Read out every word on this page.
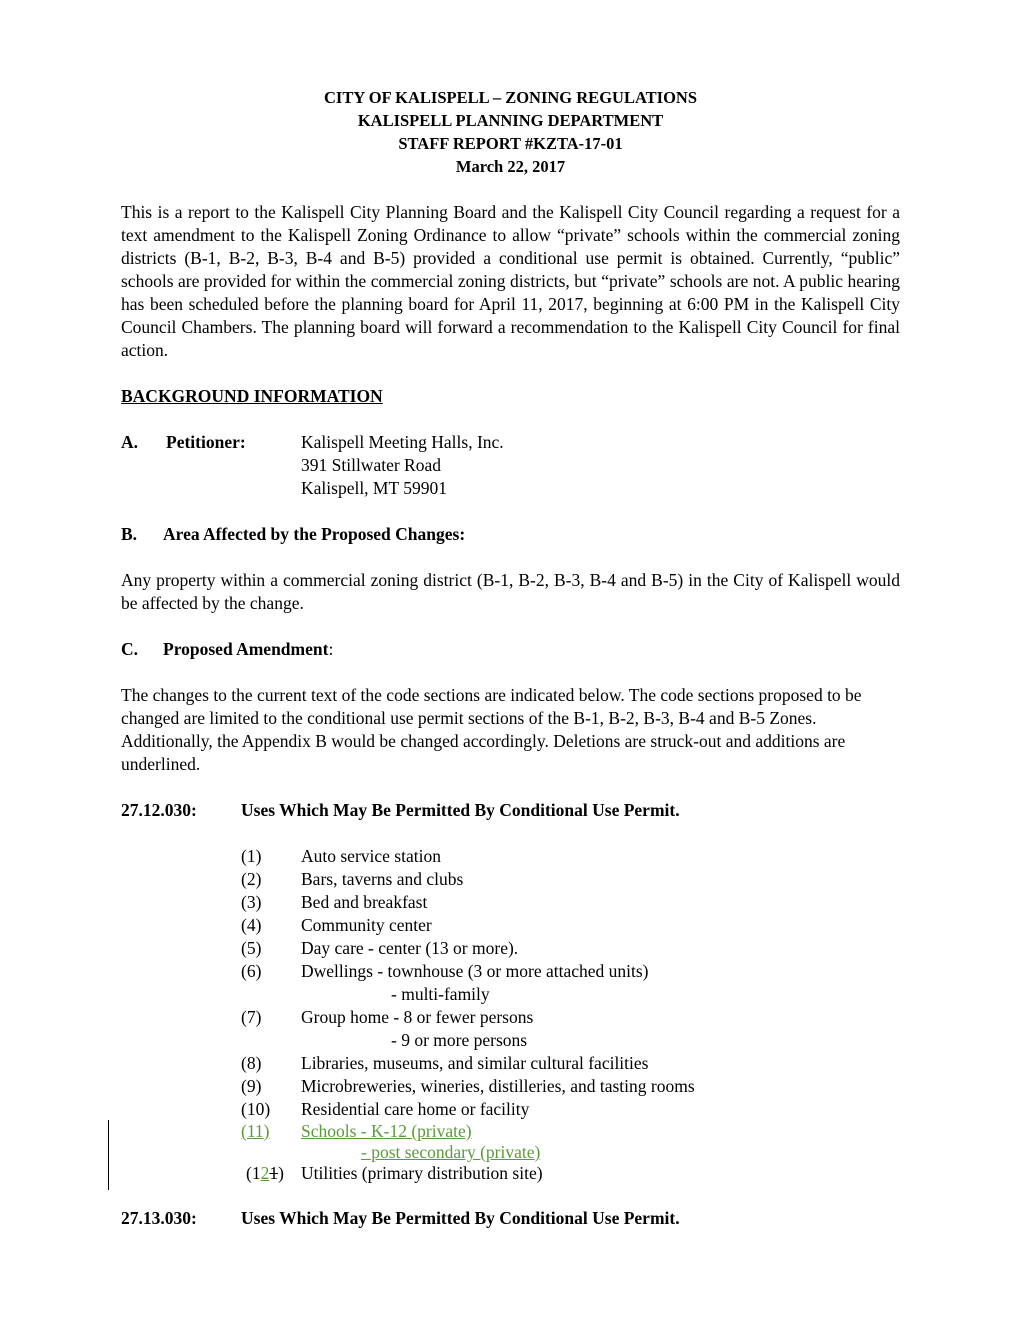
CITY OF KALISPELL – ZONING REGULATIONS
KALISPELL PLANNING DEPARTMENT
STAFF REPORT #KZTA-17-01
March 22, 2017

This is a report to the Kalispell City Planning Board and the Kalispell City Council regarding a request for a text amendment to the Kalispell Zoning Ordinance to allow “private” schools within the commercial zoning districts (B-1, B-2, B-3, B-4 and B-5) provided a conditional use permit is obtained. Currently, “public” schools are provided for within the commercial zoning districts, but “private” schools are not. A public hearing has been scheduled before the planning board for April 11, 2017, beginning at 6:00 PM in the Kalispell City Council Chambers. The planning board will forward a recommendation to the Kalispell City Council for final action.

BACKGROUND INFORMATION

A.	Petitioner:	Kalispell Meeting Halls, Inc.
391 Stillwater Road
Kalispell, MT 59901
B.	Area Affected by the Proposed Changes:

Any property within a commercial zoning district (B-1, B-2, B-3, B-4 and B-5) in the City of Kalispell would be affected by the change.

C.	Proposed Amendment :

The changes to the current text of the code sections are indicated below. The code sections proposed to be changed are limited to the conditional use permit sections of the B-1, B-2, B-3, B-4 and B-5 Zones. Additionally, the Appendix B would be changed accordingly. Deletions are struck-out and additions are underlined.

27.12.030:	Uses Which May Be Permitted By Conditional Use Permit.
(1)	Auto service station
(2)	Bars, taverns and clubs
(3)	Bed and breakfast
(4)	Community center
(5)	Day care - center (13 or more).
(6)	Dwellings - townhouse (3 or more attached units)
- multi-family
(7)	Group home - 8 or fewer persons
- 9 or more persons
(8)	Libraries, museums, and similar cultural facilities
(9)	Microbreweries, wineries, distilleries, and tasting rooms
(10)	Residential care home or facility
(11)	Schools - K-12 (private)
- post secondary (private)
(121) Utilities (primary distribution site)
27.13.030:	Uses Which May Be Permitted By Conditional Use Permit.
